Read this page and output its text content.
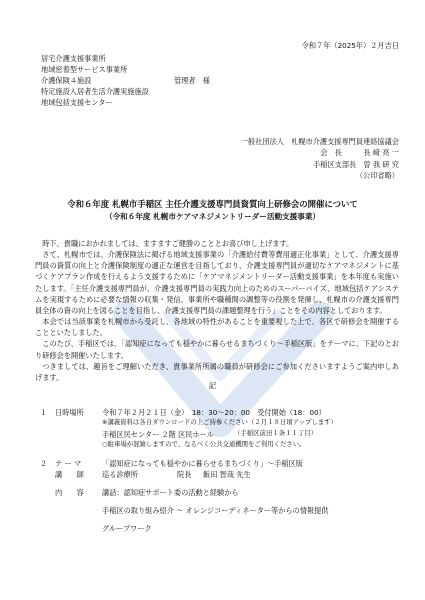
令和７年（2025年）２月吉日
居宅介護支援事業所
地域密着型サービス事業所
介護保険４施設	管理者　様
特定施設入居者生活介護実施施設
地域包括支援センター
一般社団法人　札幌市介護支援専門員連絡協議会
会　長　　　長 﨑 亮 一
手稲区支部長　曽 我 研 究
（公印省略）
令和６年度 札幌市手稲区 主任介護支援専門員資質向上研修会の開催について
（令和６年度 札幌市ケアマネジメントリーダー活動支援事業）

　時下、貴職におかれましては、ますますご健勝のこととお喜び申し上げます。

　さて、札幌市では、介護保険法に掲げる地域支援事業の「介護給付費等費用適正化事業」として、介護支援専門員の資質の向上と介護保険制度の適正な運営を目指しており、介護支援専門員が適切なケアマネジメントに基づくケアプラン作成を行えるよう支援するために「ケアマネジメントリーダー活動支援事業」を本年度も実施いたします。「主任介護支援専門員が、介護支援専門員の実践力向上のためのスーパーバイズ、地域包括ケアシステムを実現するために必要な情報の収集・発信、事業所や職種間の調整等の役割を発揮し、札幌市の介護支援専門員全体の資の向上を図ることを目指し、介護支援専門員の課題整理を行う」ことをその内容としております。

　本会では当該事業を札幌市から受託し、各地域の特性があることを重要視した上で、各区で研修会を開催することといたしました。

　このたび、手稲区では、「認知症になっても穏やかに暮らせるまちづくり～手稲区版」をテーマに、下記のとおり研修会を開催いたします。

　つきましては、趣旨をご理解いただき、貴事業所所属の職員が研修会にご参加くださいますようご案内申しあげます。

記
１ 日時場所	令和７年２月２１日（金）　18：30～20：00　受付開始（18：00）
※講義資料は各自ダウンロードの上ご持参ください（２月１８日頃アップします）
手稲区民センター ２階 区民ホール	（手稲区前田１条１１丁目）
○駐車場が混雑しますので、なるべく公共交通機関をご利用ください。
２ テ ー マ	「認知症になっても穏やかに暮らせるまちづくり」～手稲区版
講　　師	巡る診療所	院長 飯田 智哉 先生
内　　容	講話：認知症サポート委の活動と経験から
手稲区の取り組み紹介 ～ オレンジコーディネーター等からの情報提供
グループワーク
